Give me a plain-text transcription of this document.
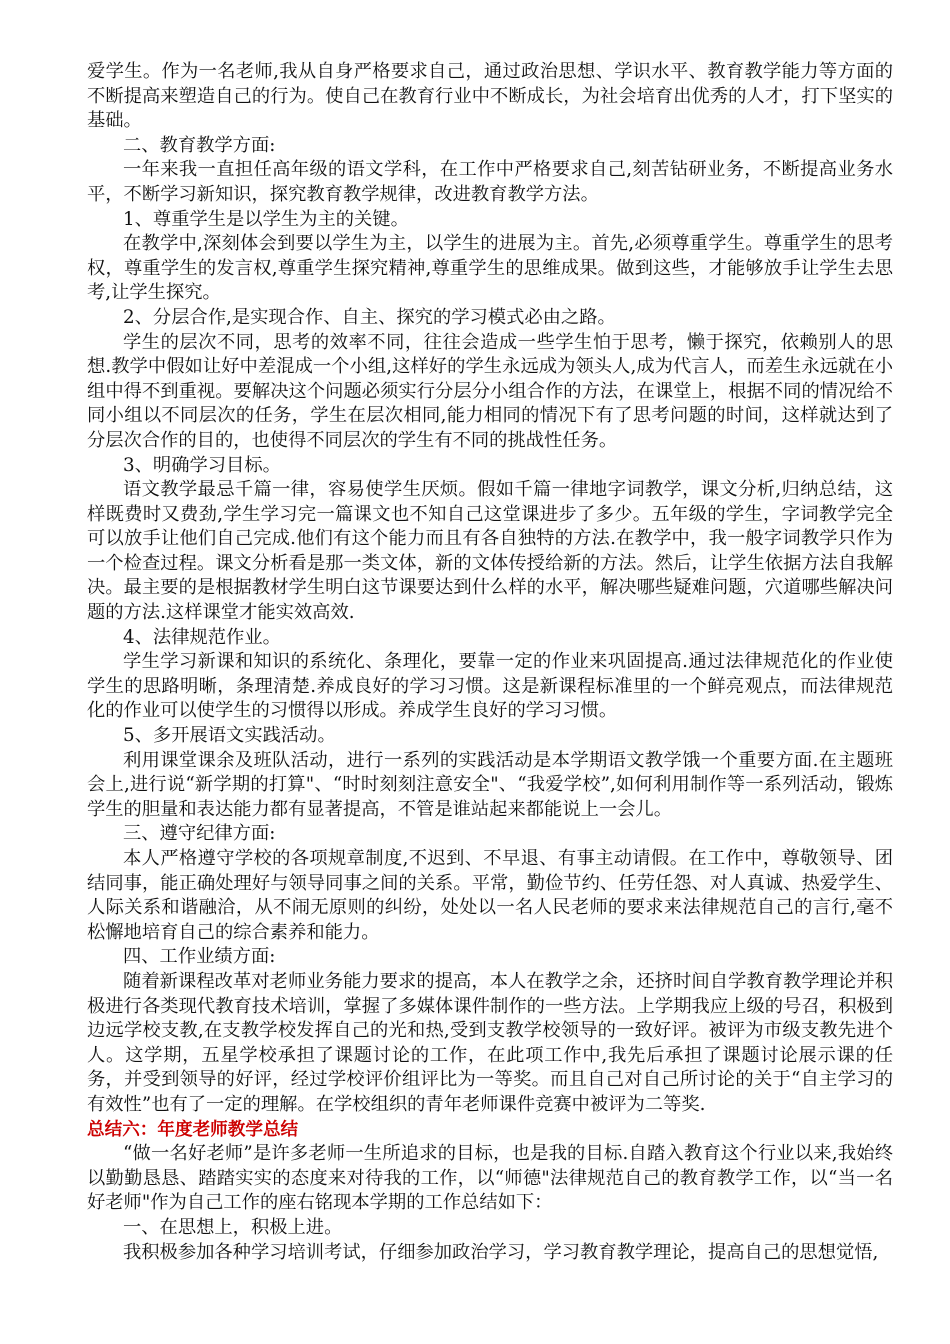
爱学生。作为一名老师,我从自身严格要求自己，通过政治思想、学识水平、教育教学能力等方面的不断提高来塑造自己的行为。使自己在教育行业中不断成长，为社会培育出优秀的人才，打下坚实的基础。

二、教育教学方面:

一年来我一直担任高年级的语文学科，在工作中严格要求自己,刻苦钻研业务，不断提高业务水平，不断学习新知识，探究教育教学规律，改进教育教学方法。

1、尊重学生是以学生为主的关键。

在教学中,深刻体会到要以学生为主，以学生的进展为主。首先,必须尊重学生。尊重学生的思考权，尊重学生的发言权,尊重学生探究精神,尊重学生的思维成果。做到这些，才能够放手让学生去思考,让学生探究。

2、分层合作,是实现合作、自主、探究的学习模式必由之路。

学生的层次不同，思考的效率不同，往往会造成一些学生怕于思考，懒于探究，依赖别人的思想.教学中假如让好中差混成一个小组,这样好的学生永远成为领头人,成为代言人，而差生永远就在小组中得不到重视。要解决这个问题必须实行分层分小组合作的方法，在课堂上，根据不同的情况给不同小组以不同层次的任务，学生在层次相同,能力相同的情况下有了思考问题的时间，这样就达到了分层次合作的目的，也使得不同层次的学生有不同的挑战性任务。

3、明确学习目标。

语文教学最忌千篇一律，容易使学生厌烦。假如千篇一律地字词教学，课文分析,归纳总结，这样既费时又费劲,学生学习完一篇课文也不知自己这堂课进步了多少。五年级的学生，字词教学完全可以放手让他们自己完成.他们有这个能力而且有各自独特的方法.在教学中，我一般字词教学只作为一个检查过程。课文分析看是那一类文体，新的文体传授给新的方法。然后，让学生依据方法自我解决。最主要的是根据教材学生明白这节课要达到什么样的水平，解决哪些疑难问题，穴道哪些解决问题的方法.这样课堂才能实效高效.

4、法律规范作业。

学生学习新课和知识的系统化、条理化，要靠一定的作业来巩固提高.通过法律规范化的作业使学生的思路明晰，条理清楚.养成良好的学习习惯。这是新课程标准里的一个鲜亮观点，而法律规范化的作业可以使学生的习惯得以形成。养成学生良好的学习习惯。

5、多开展语文实践活动。

利用课堂课余及班队活动，进行一系列的实践活动是本学期语文教学饿一个重要方面.在主题班会上,进行说“新学期的打算"、“时时刻刻注意安全"、“我爱学校”,如何利用制作等一系列活动，锻炼学生的胆量和表达能力都有显著提高，不管是谁站起来都能说上一会儿。

三、遵守纪律方面:

本人严格遵守学校的各项规章制度,不迟到、不早退、有事主动请假。在工作中，尊敬领导、团结同事，能正确处理好与领导同事之间的关系。平常，勤俭节约、任劳任怨、对人真诚、热爱学生、人际关系和谐融洽，从不闹无原则的纠纷，处处以一名人民老师的要求来法律规范自己的言行,毫不松懈地培育自己的综合素养和能力。

四、工作业绩方面:

随着新课程改革对老师业务能力要求的提高，本人在教学之余，还挤时间自学教育教学理论并积极进行各类现代教育技术培训，掌握了多媒体课件制作的一些方法。上学期我应上级的号召，积极到边远学校支教,在支教学校发挥自己的光和热,受到支教学校领导的一致好评。被评为市级支教先进个人。这学期，五星学校承担了课题讨论的工作，在此项工作中,我先后承担了课题讨论展示课的任务，并受到领导的好评，经过学校评价组评比为一等奖。而且自己对自己所讨论的关于“自主学习的有效性”也有了一定的理解。在学校组织的青年老师课件竞赛中被评为二等奖.

总结六：年度老师教学总结

“做一名好老师”是许多老师一生所追求的目标，也是我的目标.自踏入教育这个行业以来,我始终以勤勤恳恳、踏踏实实的态度来对待我的工作，以“师德"法律规范自己的教育教学工作，以“当一名好老师"作为自己工作的座右铭现本学期的工作总结如下：

一、在思想上，积极上进。

我积极参加各种学习培训考试，仔细参加政治学习，学习教育教学理论，提高自己的思想觉悟,
